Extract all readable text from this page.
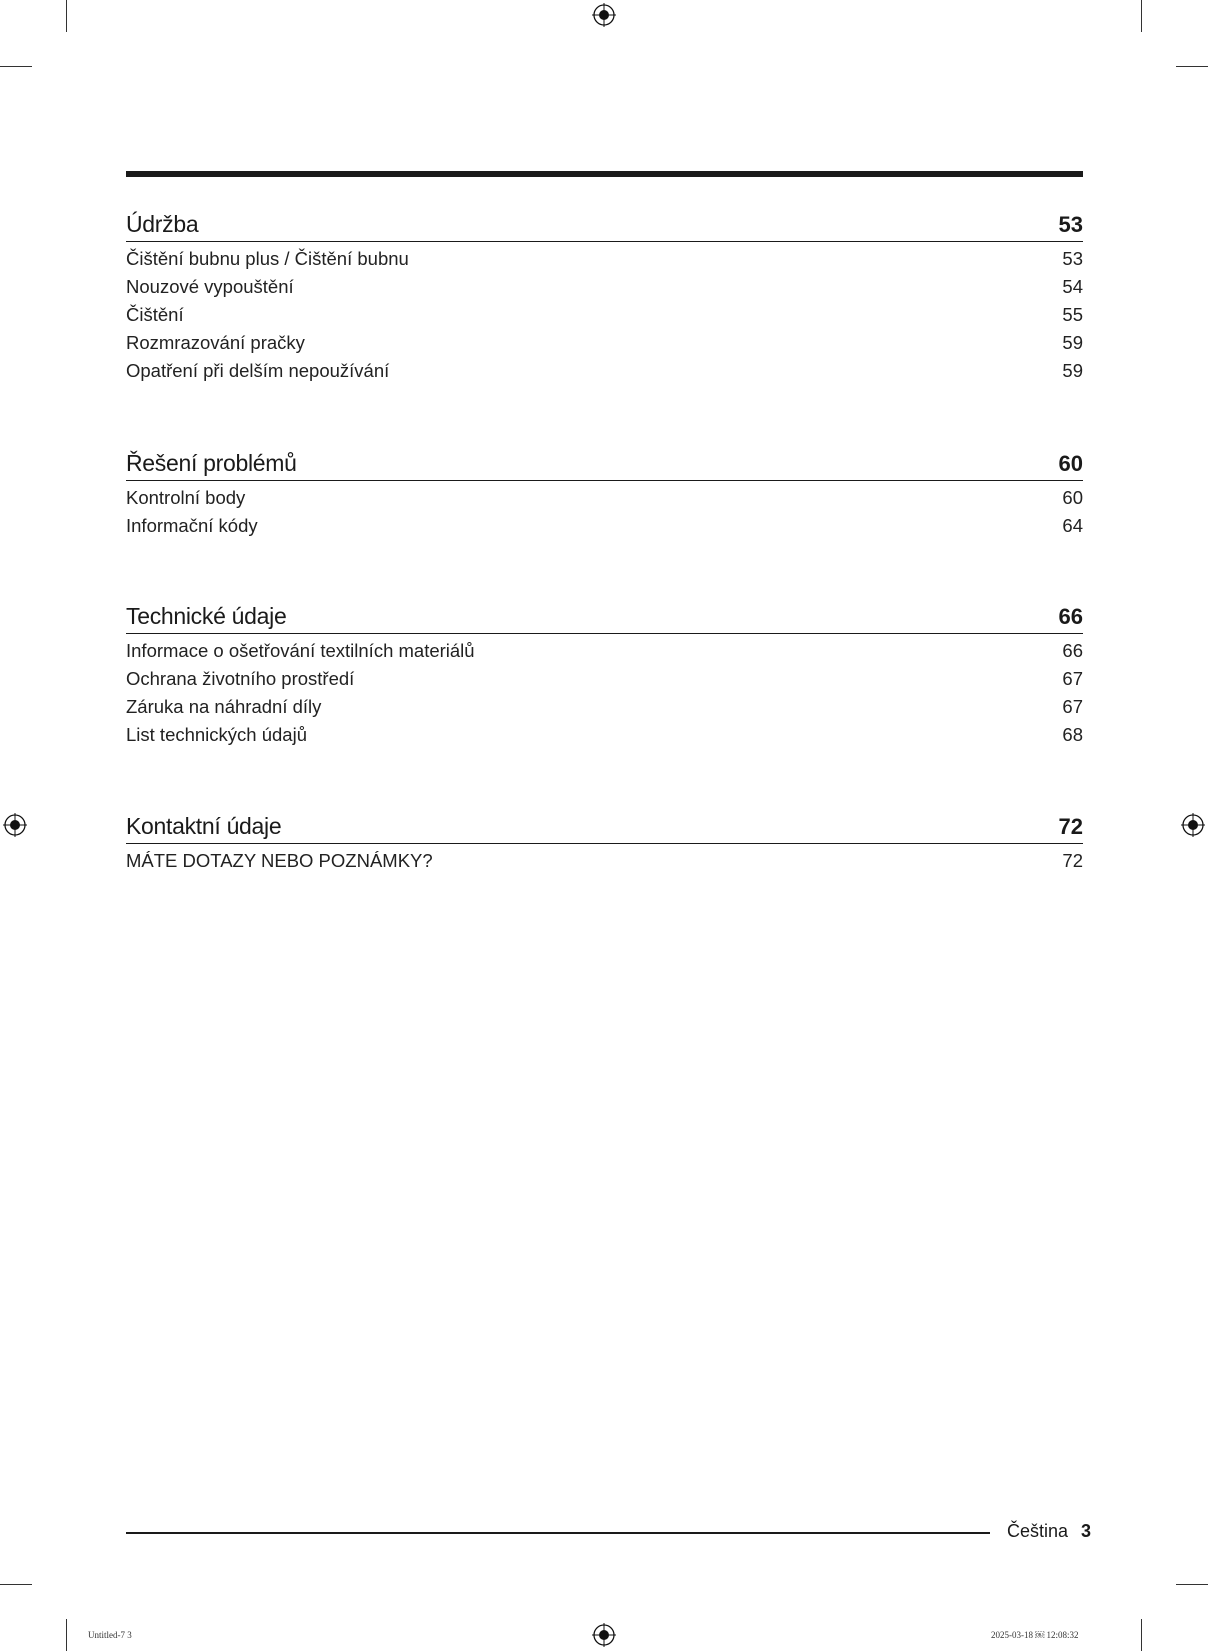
Údržba	53
Čištění bubnu plus / Čištění bubnu	53
Nouzové vypouštění	54
Čištění	55
Rozmrazování pračky	59
Opatření při delším nepoužívání	59
Řešení problémů	60
Kontrolní body	60
Informační kódy	64
Technické údaje	66
Informace o ošetřování textilních materiálů	66
Ochrana životního prostředí	67
Záruka na náhradní díly	67
List technických údajů	68
Kontaktní údaje	72
MÁTE DOTAZY NEBO POZNÁMKY?	72
Čeština 3
Untitled-7 3	2025-03-18 ￼ 12:08:32
